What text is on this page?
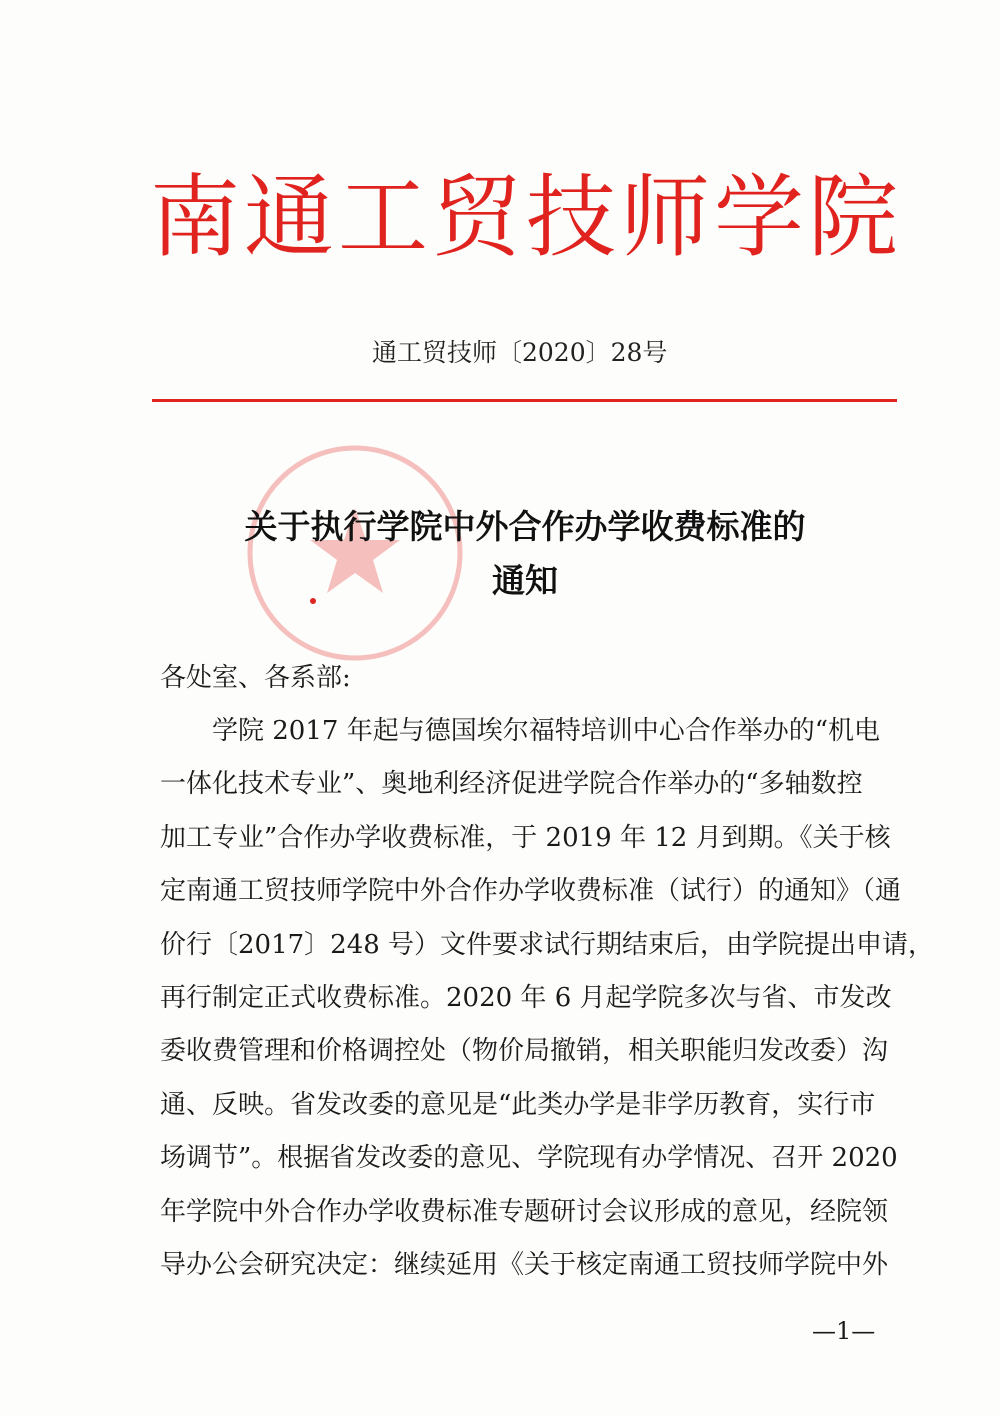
南通工贸技师学院
通工贸技师〔2020〕28号
关于执行学院中外合作办学收费标准的
通知
各处室、各系部:
　　学院 2017 年起与德国埃尔福特培训中心合作举办的“机电
一体化技术专业”、奥地利经济促进学院合作举办的“多轴数控
加工专业”合作办学收费标准，于 2019 年 12 月到期。《关于核
定南通工贸技师学院中外合作办学收费标准（试行）的通知》（通
价行〔2017〕248 号）文件要求试行期结束后，由学院提出申请，
再行制定正式收费标准。2020 年 6 月起学院多次与省、市发改
委收费管理和价格调控处（物价局撤销，相关职能归发改委）沟
通、反映。省发改委的意见是“此类办学是非学历教育，实行市
场调节”。根据省发改委的意见、学院现有办学情况、召开 2020
年学院中外合作办学收费标准专题研讨会议形成的意见，经院领
导办公会研究决定：继续延用《关于核定南通工贸技师学院中外
—1—
